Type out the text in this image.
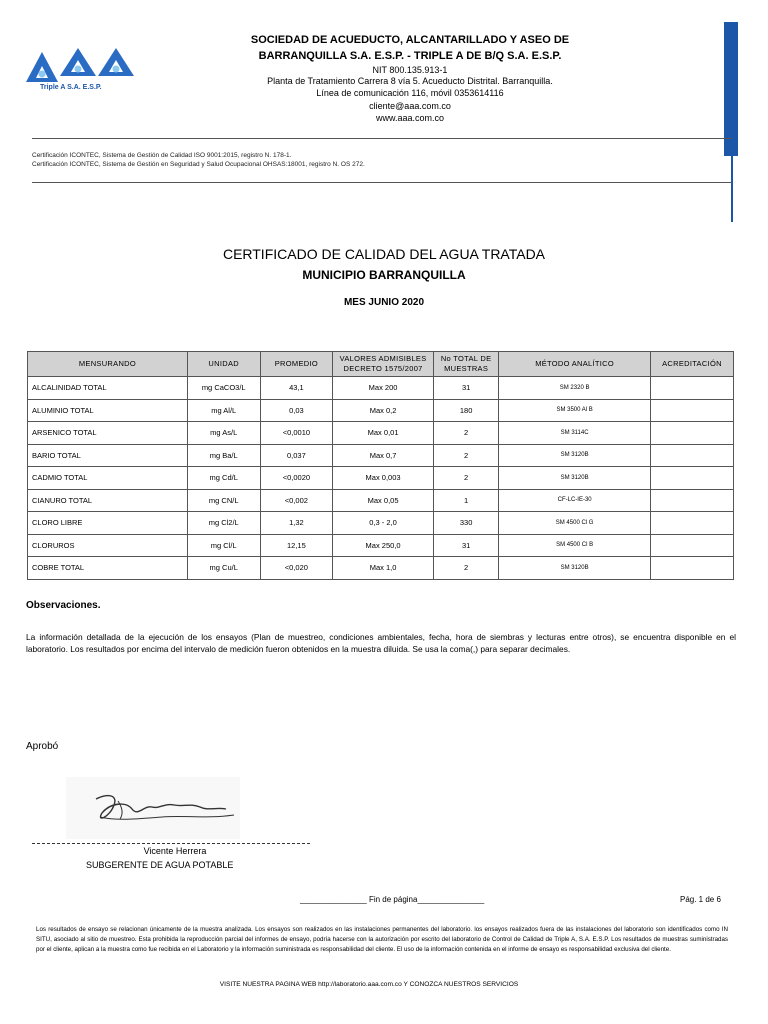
Triple A S.A. E.S.P.
SOCIEDAD DE ACUEDUCTO, ALCANTARILLADO Y ASEO DE
BARRANQUILLA S.A. E.S.P. - TRIPLE A DE B/Q S.A. E.S.P.
NIT 800.135.913-1
Planta de Tratamiento Carrera 8 vía 5. Acueducto Distrital. Barranquilla.
Línea de comunicación 116, móvil 0353614116
cliente@aaa.com.co
www.aaa.com.co
Certificación ICONTEC, Sistema de Gestión de Calidad ISO 9001:2015, registro N. 178-1.
Certificación ICONTEC, Sistema de Gestión en Seguridad y Salud Ocupacional OHSAS:18001, registro N. OS 272.
CERTIFICADO DE CALIDAD DEL AGUA TRATADA
MUNICIPIO BARRANQUILLA
MES JUNIO 2020
MENSURANDO	UNIDAD	PROMEDIO	VALORES ADMISIBLES DECRETO 1575/2007	No TOTAL DE MUESTRAS	MÉTODO ANALÍTICO	ACREDITACIÓN
ALCALINIDAD TOTAL	mg CaCO3/L	43,1	Max 200	31	SM 2320 B	
ALUMINIO TOTAL	mg Al/L	0,03	Max 0,2	180	SM 3500 Al B	
ARSENICO TOTAL	mg As/L	<0,0010	Max 0,01	2	SM 3114C	
BARIO TOTAL	mg Ba/L	0,037	Max 0,7	2	SM 3120B	
CADMIO TOTAL	mg Cd/L	<0,0020	Max 0,003	2	SM 3120B	
CIANURO TOTAL	mg CN/L	<0,002	Max 0,05	1	CF-LC-IE-30	
CLORO LIBRE	mg Cl2/L	1,32	0,3 - 2,0	330	SM 4500 Cl G	
CLORUROS	mg Cl/L	12,15	Max 250,0	31	SM 4500 Cl B	
COBRE TOTAL	mg Cu/L	<0,020	Max 1,0	2	SM 3120B	
Observaciones.
La información detallada de la ejecución de los ensayos (Plan de muestreo, condiciones ambientales, fecha, hora de siembras y lecturas entre otros), se encuentra disponible en el laboratorio. Los resultados por encima del intervalo de medición fueron obtenidos en la muestra diluida. Se usa la coma(,) para separar decimales.
Aprobó
Vicente Herrera
SUBGERENTE DE AGUA POTABLE
_______________ Fin de página_______________	Pág. 1 de 6
Los resultados de ensayo se relacionan únicamente de la muestra analizada. Los ensayos son realizados en las instalaciones permanentes del laboratorio. los ensayos realizados fuera de las instalaciones del laboratorio son identificados como IN SITU, asociado al sitio de muestreo. Esta prohibida la reproducción parcial del informes de ensayo, podría hacerse con la autorización por escrito del laboratorio de Control de Calidad de Triple A, S.A. E.S.P. Los resultados de muestras suministradas por el cliente, aplican a la muestra como fue recibida en el Laboratorio y la información suministrada es responsabilidad del cliente. El uso de la información contenida en el informe de ensayo es responsabilidad exclusiva del cliente.
VISITE NUESTRA PAGINA WEB http://laboratorio.aaa.com.co Y CONOZCA NUESTROS SERVICIOS
